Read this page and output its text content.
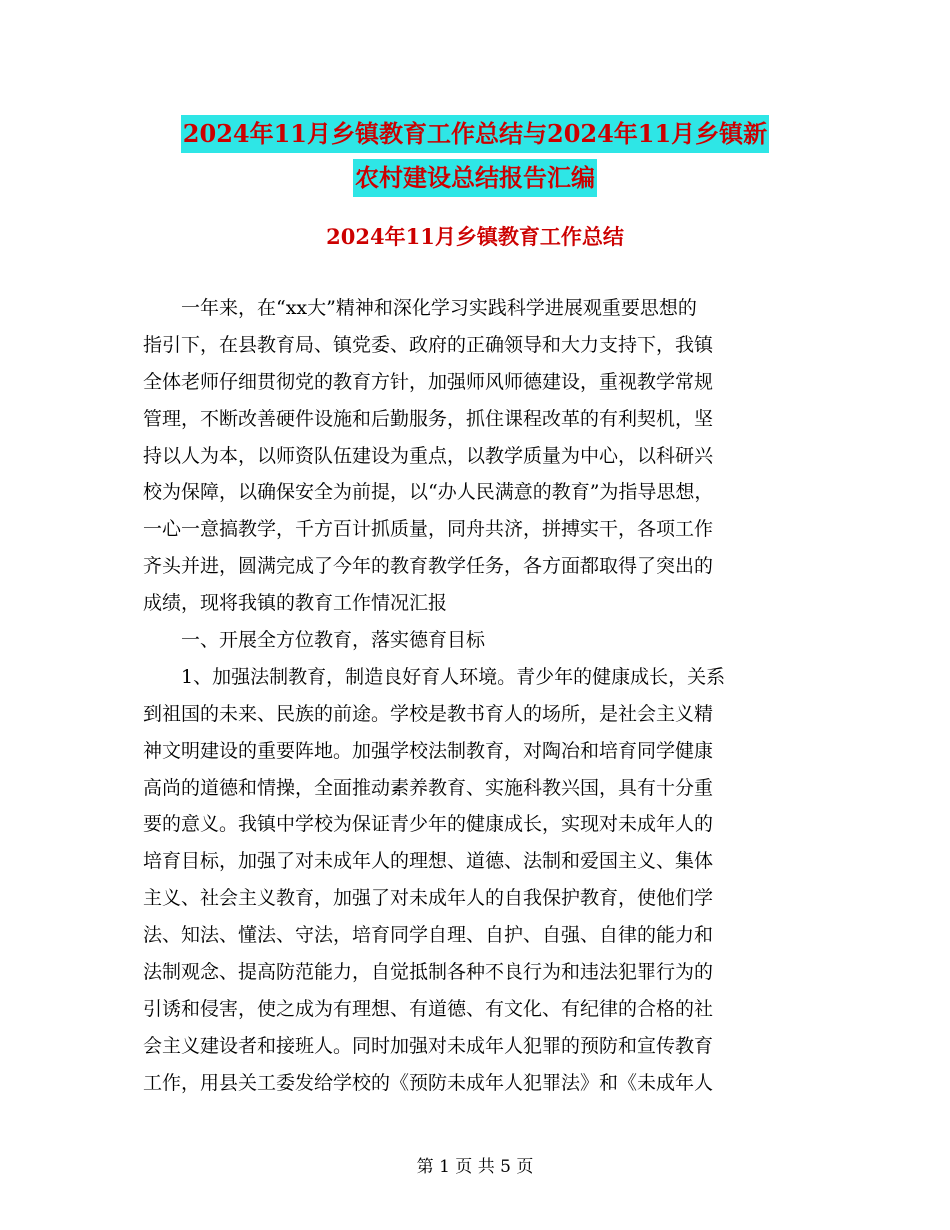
2024年11月乡镇教育工作总结与2024年11月乡镇新
农村建设总结报告汇编
2024年11月乡镇教育工作总结
一年来，在“xx大”精神和深化学习实践科学进展观重要思想的
指引下，在县教育局、镇党委、政府的正确领导和大力支持下，我镇
全体老师仔细贯彻党的教育方针，加强师风师德建设，重视教学常规
管理，不断改善硬件设施和后勤服务，抓住课程改革的有利契机，坚
持以人为本，以师资队伍建设为重点，以教学质量为中心，以科研兴
校为保障，以确保安全为前提，以“办人民满意的教育”为指导思想，
一心一意搞教学，千方百计抓质量，同舟共济，拼搏实干，各项工作
齐头并进，圆满完成了今年的教育教学任务，各方面都取得了突出的
成绩，现将我镇的教育工作情况汇报
一、开展全方位教育，落实德育目标
1、加强法制教育，制造良好育人环境。青少年的健康成长，关系
到祖国的未来、民族的前途。学校是教书育人的场所，是社会主义精
神文明建设的重要阵地。加强学校法制教育，对陶冶和培育同学健康
高尚的道德和情操，全面推动素养教育、实施科教兴国，具有十分重
要的意义。我镇中学校为保证青少年的健康成长，实现对未成年人的
培育目标，加强了对未成年人的理想、道德、法制和爱国主义、集体
主义、社会主义教育，加强了对未成年人的自我保护教育，使他们学
法、知法、懂法、守法，培育同学自理、自护、自强、自律的能力和
法制观念、提高防范能力，自觉抵制各种不良行为和违法犯罪行为的
引诱和侵害，使之成为有理想、有道德、有文化、有纪律的合格的社
会主义建设者和接班人。同时加强对未成年人犯罪的预防和宣传教育
工作，用县关工委发给学校的《预防未成年人犯罪法》和《未成年人
第 1 页 共 5 页
